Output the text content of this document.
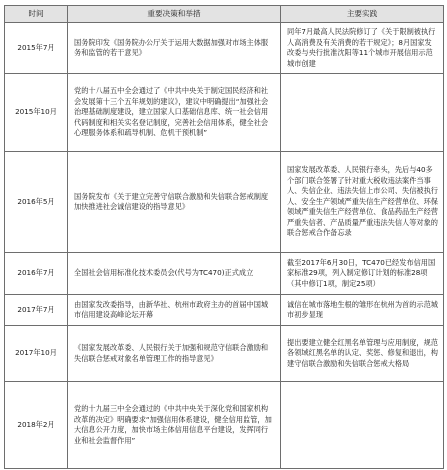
时间	重要决策和举措	主要实践
2015年7月	国务院印发《国务院办公厅关于运用大数据加强对市场主体服务和监管的若干意见》	同年7月最高人民法院修订了《关于限制被执行人高消费及有关消费的若干规定》；8月国家发改委与央行批准沈阳等11个城市开展信用示范城市创建
2015年10月	党的十八届五中全会通过了《中共中央关于制定国民经济和社会发展第十三个五年规划的建议》，建议中明确提出“加强社会治理基础制度建设，建立国家人口基础信息库、统一社会信用代码制度和相关实名登记制度，完善社会信用体系，健全社会心理服务体系和疏导机制、危机干预机制”	
2016年5月	国务院发布《关于建立完善守信联合激励和失信联合惩戒制度加快推进社会诚信建设的指导意见》	国家发展改革委、人民银行牵头，先后与40多个部门联合签署了针对重大税收违法案件当事人、失信企业、违法失信上市公司、失信被执行人、安全生产领域严重失信生产经营单位、环保领域严重失信生产经营单位、食品药品生产经营严重失信者、产品质量严重违法失信人等对象的联合惩戒合作备忘录
2016年7月	全国社会信用标准化技术委员会(代号为TC470)正式成立	截至2017年6月30日，TC470已经发布信用国家标准29项，列入制定修订计划的标准28项（其中修订1项，制定25项）
2017年7月	由国家发改委指导，由新华社、杭州市政府主办的首届中国城市信用建设高峰论坛开幕	诚信在城市落地生根的雏形在杭州为首的示范城市初步显现
2017年10月	《国家发展改革委、人民银行关于加强和规范守信联合激励和失信联合惩戒对象名单管理工作的指导意见》	提出要建立健全红黑名单管理与应用制度，规范各领域红黑名单的认定、奖惩、修复和退出，构建守信联合激励和失信联合惩戒大格局
2018年2月	党的十九届三中全会通过的《中共中央关于深化党和国家机构改革的决定》明确要求“加强信用体系建设，健全信用监管，加大信息公开力度，加快市场主体信用信息平台建设，发挥同行业和社会监督作用”	
